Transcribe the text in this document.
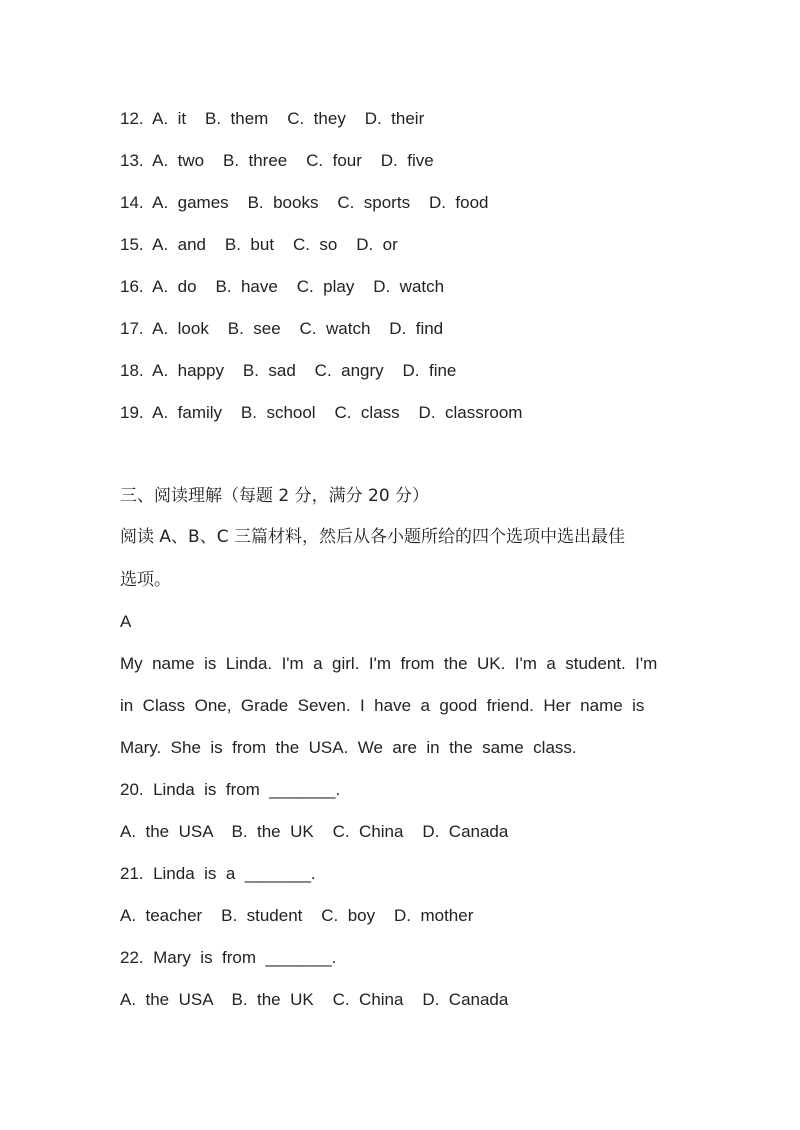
12.  A.  it    B.  them    C.  they    D.  their
13.  A.  two    B.  three    C.  four    D.  five
14.  A.  games    B.  books    C.  sports    D.  food
15.  A.  and    B.  but    C.  so    D.  or
16.  A.  do    B.  have    C.  play    D.  watch
17.  A.  look    B.  see    C.  watch    D.  find
18.  A.  happy    B.  sad    C.  angry    D.  fine
19.  A.  family    B.  school    C.  class    D.  classroom
三、阅读理解（每题 2 分，满分 20 分）
阅读 A、B、C 三篇材料，然后从各小题所给的四个选项中选出最佳
选项。
A
My  name  is  Linda.  I'm  a  girl.  I'm  from  the  UK.  I'm  a  student.  I'm
in  Class  One,  Grade  Seven.  I  have  a  good  friend.  Her  name  is
Mary.  She  is  from  the  USA.  We  are  in  the  same  class.
20.  Linda  is  from  _______.
A.  the  USA    B.  the  UK    C.  China    D.  Canada
21.  Linda  is  a  _______.
A.  teacher    B.  student    C.  boy    D.  mother
22.  Mary  is  from  _______.
A.  the  USA    B.  the  UK    C.  China    D.  Canada
